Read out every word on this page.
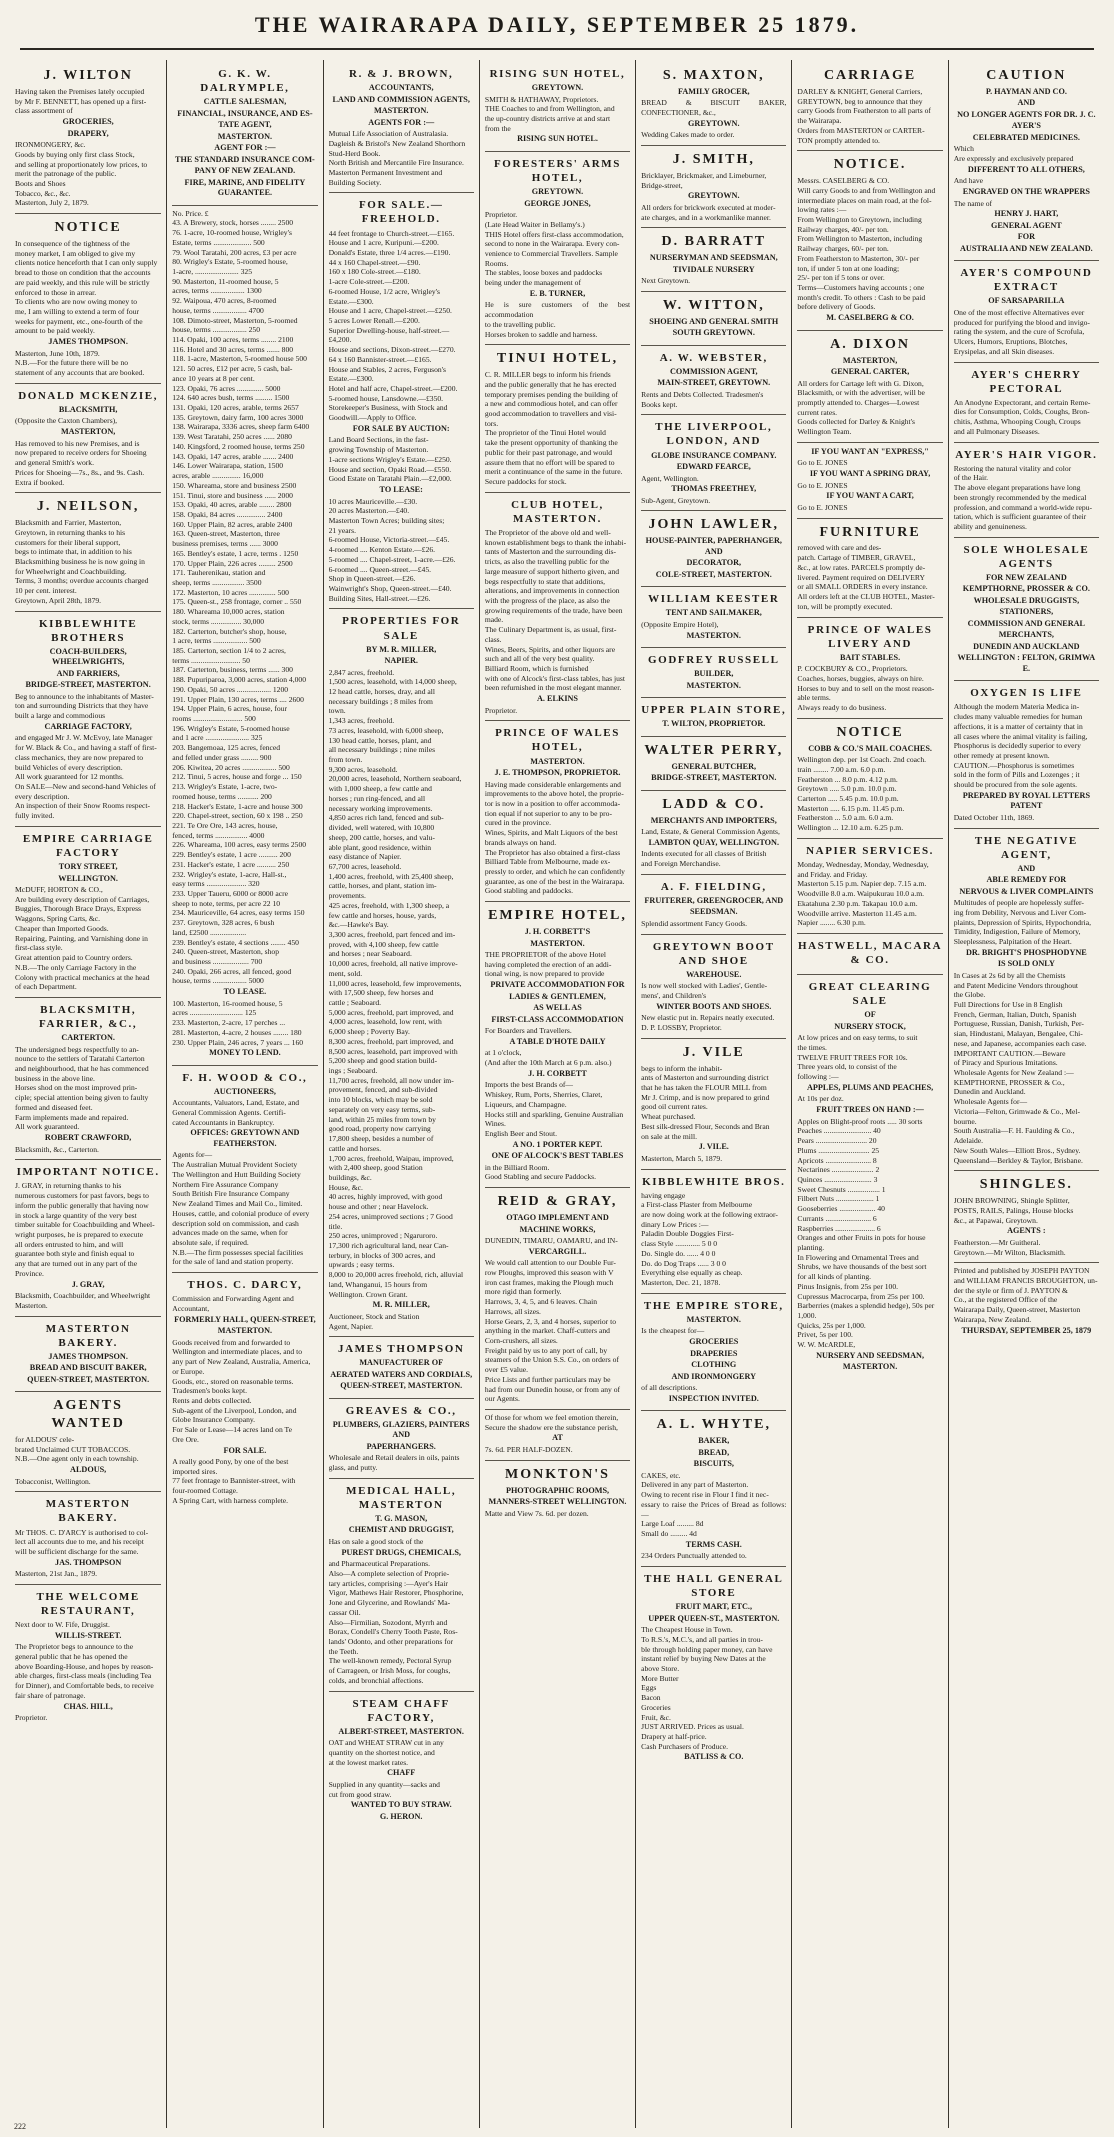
THE WAIRARAPA DAILY, SEPTEMBER 25 1879.
J. WILTON
Having taken the Premises lately occupied
by Mr F. BENNETT, has opened up a first-
class assortment of
GROCERIES,
DRAPERY,
IRONMONGERY, &c.
Goods by buying only first class Stock,
and selling at proportionately low prices, to
merit the patronage of the public.
Boots and Shoes
Tobacco, &c., &c.
Masterton, July 2, 1879.
NOTICE
In consequence of the tightness of the
money market, I am obliged to give my
clients notice henceforth that I can only supply
bread to those on condition that the accounts
are paid weekly, and this rule will be strictly
enforced to those in arrear.
To clients who are now owing money to
me, I am willing to extend a term of four
weeks for payment, etc., one-fourth of the
amount to be paid weekly.
JAMES THOMPSON.
Masterton, June 10th, 1879.
N.B.—For the future there will be no
statement of any accounts that are booked.
DONALD MCKENZIE,
BLACKSMITH,
(Opposite the Caxton Chambers),
MASTERTON,
Has removed to his new Premises, and is
now prepared to receive orders for Shoeing
and general Smith's work.
Prices for Shoeing—7s., 8s., and 9s. Cash.
Extra if booked.
J. NEILSON,
Blacksmith and Farrier, Masterton,
Greytown, in returning thanks to his
customers for their liberal support,
begs to intimate that, in addition to his
Blacksmithing business he is now going in
for Wheelwright and Coachbuilding.
Terms, 3 months; overdue accounts charged
10 per cent. interest.
Greytown, April 28th, 1879.
KIBBLEWHITE BROTHERS
COACH-BUILDERS, WHEELWRIGHTS,
AND FARRIERS,
BRIDGE-STREET, MASTERTON.
Beg to announce to the inhabitants of Master-
ton and surrounding Districts that they have
built a large and commodious
CARRIAGE FACTORY,
and engaged Mr J. W. McEvoy, late Manager
for W. Black & Co., and having a staff of first-
class mechanics, they are now prepared to
build Vehicles of every description.
All work guaranteed for 12 months.
On SALE—New and second-hand Vehicles of
every description.
An inspection of their Snow Rooms respect-
fully invited.
EMPIRE CARRIAGE FACTORY
TORY STREET,
WELLINGTON.
McDUFF, HORTON & CO.,
Are building every description of Carriages,
Buggies, Thorough Brace Drays, Express
Waggons, Spring Carts, &c.
Cheaper than Imported Goods.
Repairing, Painting, and Varnishing done in
first-class style.
Great attention paid to Country orders.
N.B.—The only Carriage Factory in the
Colony with practical mechanics at the head
of each Department.
BLACKSMITH, FARRIER, &C.,
CARTERTON.
The undersigned begs respectfully to an-
nounce to the settlers of Taratahi Carterton
and neighbourhood, that he has commenced
business in the above line.
Horses shod on the most improved prin-
ciple; special attention being given to faulty
formed and diseased feet.
Farm implements made and repaired.
All work guaranteed.
ROBERT CRAWFORD,
Blacksmith, &c., Carterton.
IMPORTANT NOTICE.
J. GRAY, in returning thanks to his
numerous customers for past favors, begs to
inform the public generally that having now
in stock a large quantity of the very best
timber suitable for Coachbuilding and Wheel-
wright purposes, he is prepared to execute
all orders entrusted to him, and will
guarantee both style and finish equal to
any that are turned out in any part of the
Province.
J. GRAY,
Blacksmith, Coachbuilder, and Wheelwright
Masterton.
MASTERTON BAKERY.
JAMES THOMPSON.
BREAD AND BISCUIT BAKER,
QUEEN-STREET, MASTERTON.
AGENTS WANTED
for ALDOUS' cele-
brated Unclaimed CUT TOBACCOS.
N.B.—One agent only in each township.
ALDOUS,
Tobacconist, Wellington.
MASTERTON BAKERY.
Mr THOS. C. D'ARCY is authorised to col-
lect all accounts due to me, and his receipt
will be sufficient discharge for the same.
JAS. THOMPSON
Masterton, 21st Jan., 1879.
THE WELCOME RESTAURANT,
Next door to W. Fife, Druggist.
WILLIS-STREET.
The Proprietor begs to announce to the
general public that he has opened the
above Boarding-House, and hopes by reason-
able charges, first-class meals (including Tea
for Dinner), and Comfortable beds, to receive
fair share of patronage.
CHAS. HILL,
Proprietor.
G. K. W. DALRYMPLE,
CATTLE SALESMAN,
FINANCIAL, INSURANCE, AND ES-
TATE AGENT,
MASTERTON.
AGENT FOR :—
THE STANDARD INSURANCE COM-
PANY OF NEW ZEALAND.
FIRE, MARINE, AND FIDELITY GUARANTEE.
No. Price. £
43. A Brewery, stock, horses ........ 2500
76. 1-acre, 10-roomed house, Wrigley's
Estate, terms .................... 500
79. Wool Taratahi, 200 acres, £3 per acre
80. Wrigley's Estate, 5-roomed house,
1-acre, ....................... 325
90. Masterton, 11-roomed house, 5
acres, terms .................. 1300
92. Waipoua, 470 acres, 8-roomed
house, terms .................. 4700
108. Dimoto-street, Masterton, 5-roomed
house, terms .................. 250
114. Opaki, 100 acres, terms ........ 2100
116. Hotel and 30 acres, terms ....... 800
118. 1-acre, Masterton, 5-roomed house 500
121. 50 acres, £12 per acre, 5 cash, bal-
ance 10 years at 8 per cent.
123. Opaki, 76 acres .............. 5000
124. 640 acres bush, terms ......... 1500
131. Opaki, 120 acres, arable, terms 2657
135. Greytown, dairy farm, 100 acres 3000
138. Wairarapa, 3336 acres, sheep farm 6400
139. West Taratahi, 250 acres ...... 2080
140. Kingsford, 2 roomed house, terms 250
143. Opaki, 147 acres, arable ....... 2400
146. Lower Wairarapa, station, 1500
acres, arable ............... 16,000
150. Whareama, store and business 2500
151. Tinui, store and business ...... 2000
153. Opaki, 40 acres, arable ........ 2800
158. Opaki, 84 acres ............... 2400
160. Upper Plain, 82 acres, arable 2400
163. Queen-street, Masterton, three
business premises, terms ...... 3000
165. Bentley's estate, 1 acre, terms . 1250
170. Upper Plain, 226 acres ......... 2500
171. Tauherenikau, station and
sheep, terms ................. 3500
172. Masterton, 10 acres .............. 500
175. Queen-st., 258 frontage, corner .. 550
180. Whareama 10,000 acres, station
stock, terms ................ 30,000
182. Carterton, butcher's shop, house,
1 acre, terms .................. 500
185. Carterton, section 1/4 to 2 acres,
terms .......................... 50
187. Carterton, business, terms ...... 300
188. Pupuriparoa, 3,000 acres, station 4,000
190. Opaki, 50 acres .................. 1200
191. Upper Plain, 130 acres, terms .... 2600
194. Upper Plain, 6 acres, house, four
rooms .......................... 500
196. Wrigley's Estate, 5-roomed house
and 1 acre ....................... 325
203. Bangemoaa, 125 acres, fenced
and felled under grass ......... 900
206. Kiwitea, 20 acres .................. 500
212. Tinui, 5 acres, house and forge ... 150
213. Wrigley's Estate, 1-acre, two-
roomed house, terms ........... 200
218. Hacker's Estate, 1-acre and house 300
220. Chapel-street, section, 60 x 198 .. 250
221. Te Ore Ore, 143 acres, house,
fenced, terms ................. 4000
226. Whareama, 100 acres, easy terms 2500
229. Bentley's estate, 1 acre .......... 200
231. Hacker's estate, 1 acre .......... 250
232. Wrigley's estate, 1-acre, Hall-st.,
easy terms ..................... 320
233. Upper Taueru, 6000 or 8000 acre
sheep to note, terms, per acre 22 10
234. Mauriceville, 64 acres, easy terms 150
237. Greytown, 328 acres, 6 bush
land, £2500 ...................
239. Bentley's estate, 4 sections ........ 450
240. Queen-street, Masterton, shop
and business ................... 700
240. Opaki, 266 acres, all fenced, good
house, terms .................. 5000
TO LEASE.
100. Masterton, 16-roomed house, 5
acres ............................ 125
233. Masterton, 2-acre, 17 perches ...
281. Masterton, 4-acre, 2 houses ........ 180
230. Upper Plain, 246 acres, 7 years ... 160
MONEY TO LEND.
F. H. WOOD & CO.,
AUCTIONEERS,
Accountants, Valuators, Land, Estate, and
General Commission Agents. Certifi-
cated Accountants in Bankruptcy.
OFFICES: GREYTOWN AND FEATHERSTON.
Agents for—
The Australian Mutual Provident Society
The Wellington and Hutt Building Society
Northern Fire Assurance Company
South British Fire Insurance Company
New Zealand Times and Mail Co., limited.
Houses, cattle, and colonial produce of every
description sold on commission, and cash
advances made on the same, when for
absolute sale, if required.
N.B.—The firm possesses special facilities
for the sale of land and station property.
THOS. C. DARCY,
Commission and Forwarding Agent and
Accountant,
FORMERLY HALL, QUEEN-STREET,
MASTERTON.
Goods received from and forwarded to
Wellington and intermediate places, and to
any part of New Zealand, Australia, America,
or Europe.
Goods, etc., stored on reasonable terms.
Tradesmen's books kept.
Rents and debts collected.
Sub-agent of the Liverpool, London, and
Globe Insurance Company.
For Sale or Lease—14 acres land on Te
Ore Ore.
FOR SALE.
A really good Pony, by one of the best
imported sires.
77 feet frontage to Bannister-street, with
four-roomed Cottage.
A Spring Cart, with harness complete.
R. & J. BROWN,
ACCOUNTANTS,
LAND AND COMMISSION AGENTS,
MASTERTON.
AGENTS FOR :—
Mutual Life Association of Australasia.
Dagleish & Bristol's New Zealand Shorthorn
Stud-Herd Book.
North British and Mercantile Fire Insurance.
Masterton Permanent Investment and
Building Society.
FOR SALE.—FREEHOLD.
44 feet frontage to Church-street.—£165.
House and 1 acre, Kuripuni.—£200.
Donald's Estate, three 1/4 acres.—£190.
44 x 160 Chapel-street.—£90.
160 x 180 Cole-street.—£180.
1-acre Cole-street.—£200.
6-roomed House, 1/2 acre, Wrigley's
Estate.—£300.
House and 1 acre, Chapel-street.—£250.
5 acres Lower Renall.—£200.
Superior Dwelling-house, half-street.—
£4,200.
House and sections, Dixon-street.—£270.
64 x 160 Bannister-street.—£165.
House and Stables, 2 acres, Ferguson's
Estate.—£300.
Hotel and half acre, Chapel-street.—£200.
5-roomed house, Lansdowne.—£350.
Storekeeper's Business, with Stock and
Goodwill.—Apply to Office.
FOR SALE BY AUCTION:
Land Board Sections, in the fast-
growing Township of Masterton.
1-acre sections Wrigley's Estate.—£250.
House and section, Opaki Road.—£550.
Good Estate on Taratahi Plain.—£2,000.
TO LEASE:
10 acres Mauriceville.—£30.
20 acres Masterton.—£40.
Masterton Town Acres; building sites;
21 years.
6-roomed House, Victoria-street.—£45.
4-roomed .... Kenton Estate.—£26.
5-roomed .... Chapel-street, 1-acre.—£26.
6-roomed .... Queen-street.—£45.
Shop in Queen-street.—£26.
Wainwright's Shop, Queen-street.—£40.
Building Sites, Hall-street.—£26.
PROPERTIES FOR SALE
BY M. R. MILLER,
NAPIER.
2,847 acres, freehold.
1,500 acres, leasehold, with 14,000 sheep,
12 head cattle, horses, dray, and all
necessary buildings ; 8 miles from
town.
1,343 acres, freehold.
73 acres, leasehold, with 6,000 sheep,
130 head cattle, horses, plant, and
all necessary buildings ; nine miles
from town.
9,300 acres, leasehold.
20,000 acres, leasehold, Northern seaboard,
with 1,000 sheep, a few cattle and
horses ; run ring-fenced, and all
necessary working improvements.
4,850 acres rich land, fenced and sub-
divided, well watered, with 10,800
sheep, 200 cattle, horses, and valu-
able plant, good residence, within
easy distance of Napier.
67,700 acres, leasehold.
1,400 acres, freehold, with 25,400 sheep,
cattle, horses, and plant, station im-
provements.
425 acres, freehold, with 1,300 sheep, a
few cattle and horses, house, yards,
&c.—Hawke's Bay.
3,300 acres, freehold, part fenced and im-
proved, with 4,100 sheep, few cattle
and horses ; near Seaboard.
10,000 acres, freehold, all native improve-
ment, sold.
11,000 acres, leasehold, few improvements,
with 17,500 sheep, few horses and
cattle ; Seaboard.
5,000 acres, freehold, part improved, and
4,000 acres, leasehold, low rent, with
6,000 sheep ; Poverty Bay.
8,300 acres, freehold, part improved, and
8,500 acres, leasehold, part improved with
5,200 sheep and good station build-
ings ; Seaboard.
11,700 acres, freehold, all now under im-
provement, fenced, and sub-divided
into 10 blocks, which may be sold
separately on very easy terms, sub-
land, within 25 miles from town by
good road, property now carrying
17,800 sheep, besides a number of
cattle and horses.
1,700 acres, freehold, Waipau, improved,
with 2,400 sheep, good Station
buildings, &c.
House, &c.
40 acres, highly improved, with good
house and other ; near Havelock.
254 acres, unimproved sections ; 7 Good
title.
250 acres, unimproved ; Ngaruroro.
17,300 rich agricultural land, near Can-
terbury, in blocks of 300 acres, and
upwards ; easy terms.
8,000 to 20,000 acres freehold, rich, alluvial
land, Whanganui, 15 hours from
Wellington. Crown Grant.
M. R. MILLER,
Auctioneer, Stock and Station
Agent, Napier.
JAMES THOMPSON
MANUFACTURER OF
AERATED WATERS AND CORDIALS,
QUEEN-STREET, MASTERTON.
GREAVES & CO.,
PLUMBERS, GLAZIERS, PAINTERS AND
PAPERHANGERS.
Wholesale and Retail dealers in oils, paints
glass, and putty.
MEDICAL HALL, MASTERTON
T. G. MASON,
CHEMIST AND DRUGGIST,
Has on sale a good stock of the
PUREST DRUGS, CHEMICALS,
and Pharmaceutical Preparations.
Also—A complete selection of Proprie-
tary articles, comprising :—Ayer's Hair
Vigor, Mathews Hair Restorer, Phosphorine,
Jone and Glycerine, and Rowlands' Ma-
cassar Oil.
Also—Firmilian, Sozodont, Myrrh and
Borax, Condell's Cherry Tooth Paste, Ros-
lands' Odonto, and other preparations for
the Teeth.
The well-known remedy, Pectoral Syrup
of Carrageen, or Irish Moss, for coughs,
colds, and bronchial affections.
STEAM CHAFF FACTORY,
ALBERT-STREET, MASTERTON.
OAT and WHEAT STRAW cut in any
quantity on the shortest notice, and
at the lowest market rates.
CHAFF
Supplied in any quantity—sacks and
cut from good straw.
WANTED TO BUY STRAW.
G. HERON.
RISING SUN HOTEL,
GREYTOWN.
SMITH & HATHAWAY, Proprietors.
THE Coaches to and from Wellington, and
the up-country districts arrive at and start
from the
RISING SUN HOTEL.
FORESTERS' ARMS HOTEL,
GREYTOWN.
GEORGE JONES,
Proprietor.
(Late Head Waiter in Bellamy's.)
THIS Hotel offers first-class accommodation,
second to none in the Wairarapa. Every con-
venience to Commercial Travellers. Sample
Rooms.
The stables, loose boxes and paddocks
being under the management of
E. B. TURNER,
He is sure customers of the best accommodation
to the travelling public.
Horses broken to saddle and harness.
TINUI HOTEL,
C. R. MILLER begs to inform his friends
and the public generally that he has erected
temporary premises pending the building of
a new and commodious hotel, and can offer
good accommodation to travellers and visi-
tors.
The proprietor of the Tinui Hotel would
take the present opportunity of thanking the
public for their past patronage, and would
assure them that no effort will be spared to
merit a continuance of the same in the future.
Secure paddocks for stock.
CLUB HOTEL, MASTERTON.
The Proprietor of the above old and well-
known establishment begs to thank the inhabi-
tants of Masterton and the surrounding dis-
tricts, as also the travelling public for the
large measure of support hitherto given, and
begs respectfully to state that additions,
alterations, and improvements in connection
with the progress of the place, as also the
growing requirements of the trade, have been
made.
The Culinary Department is, as usual, first-
class.
Wines, Beers, Spirits, and other liquors are
such and all of the very best quality.
Billiard Room, which is furnished
with one of Alcock's first-class tables, has just
been refurnished in the most elegant manner.
A. ELKINS
Proprietor.
PRINCE OF WALES HOTEL,
MASTERTON.
J. E. THOMPSON, PROPRIETOR.
Having made considerable enlargements and
improvements to the above hotel, the proprie-
tor is now in a position to offer accommoda-
tion equal if not superior to any to be pro-
cured in the province.
Wines, Spirits, and Malt Liquors of the best
brands always on hand.
The Proprietor has also obtained a first-class
Billiard Table from Melbourne, made ex-
pressly to order, and which he can confidently
guarantee, as one of the best in the Wairarapa.
Good stabling and paddocks.
EMPIRE HOTEL,
J. H. CORBETT'S
MASTERTON.
THE PROPRIETOR of the above Hotel
having completed the erection of an addi-
tional wing, is now prepared to provide
PRIVATE ACCOMMODATION FOR
LADIES & GENTLEMEN,
AS WELL AS
FIRST-CLASS ACCOMMODATION
For Boarders and Travellers.
A TABLE D'HOTE DAILY
at 1 o'clock,
(And after the 10th March at 6 p.m. also.)
J. H. CORBETT
Imports the best Brands of—
Whiskey, Rum, Ports, Sherries, Claret,
Liqueurs, and Champagne.
Hocks still and sparkling, Genuine Australian
Wines.
English Beer and Stout.
A NO. 1 PORTER KEPT.
ONE OF ALCOCK'S BEST TABLES
in the Billiard Room.
Good Stabling and secure Paddocks.
REID & GRAY,
OTAGO IMPLEMENT AND
MACHINE WORKS,
DUNEDIN, TIMARU, OAMARU, and IN-
VERCARGILL.
We would call attention to our Double Fur-
row Ploughs, improved this season with V
iron cast frames, making the Plough much
more rigid than formerly.
Harrows, 3, 4, 5, and 6 leaves. Chain
Harrows, all sizes.
Horse Gears, 2, 3, and 4 horses, superior to
anything in the market. Chaff-cutters and
Corn-crushers, all sizes.
Freight paid by us to any port of call, by
steamers of the Union S.S. Co., on orders of
over £5 value.
Price Lists and further particulars may be
had from our Dunedin house, or from any of
our Agents.
Of those for whom we feel emotion therein,
Secure the shadow ere the substance perish,
AT
7s. 6d. PER HALF-DOZEN.
MONKTON'S
PHOTOGRAPHIC ROOMS,
MANNERS-STREET WELLINGTON.
Matte and View 7s. 6d. per dozen.
S. MAXTON,
FAMILY GROCER,
BREAD & BISCUIT BAKER, CONFECTIONER, &c.,
GREYTOWN.
Wedding Cakes made to order.
J. SMITH,
Bricklayer, Brickmaker, and Limeburner,
Bridge-street,
GREYTOWN.
All orders for brickwork executed at moder-
ate charges, and in a workmanlike manner.
D. BARRATT
NURSERYMAN AND SEEDSMAN,
TIVIDALE NURSERY
Next Greytown.
W. WITTON,
SHOEING AND GENERAL SMITH
SOUTH GREYTOWN.
A. W. WEBSTER,
COMMISSION AGENT,
MAIN-STREET, GREYTOWN.
Rents and Debts Collected. Tradesmen's
Books kept.
THE LIVERPOOL, LONDON, AND
GLOBE INSURANCE COMPANY.
EDWARD FEARCE,
Agent, Wellington.
THOMAS FREETHEY,
Sub-Agent, Greytown.
JOHN LAWLER,
HOUSE-PAINTER, PAPERHANGER, AND
DECORATOR,
COLE-STREET, MASTERTON.
WILLIAM KEESTER
TENT AND SAILMAKER,
(Opposite Empire Hotel),
MASTERTON.
GODFREY RUSSELL
BUILDER,
MASTERTON.
UPPER PLAIN STORE,
T. WILTON, PROPRIETOR.
WALTER PERRY,
GENERAL BUTCHER,
BRIDGE-STREET, MASTERTON.
LADD & CO.
MERCHANTS AND IMPORTERS,
Land, Estate, & General Commission Agents,
LAMBTON QUAY, WELLINGTON.
Indents executed for all classes of British
and Foreign Merchandise.
A. F. FIELDING,
FRUITERER, GREENGROCER, AND
SEEDSMAN.
Splendid assortment Fancy Goods.
GREYTOWN BOOT AND SHOE
WAREHOUSE.
Is now well stocked with Ladies', Gentle-
mens', and Children's
WINTER BOOTS AND SHOES.
New elastic put in. Repairs neatly executed.
D. P. LOSSBY, Proprietor.
J. VILE
begs to inform the inhabit-
ants of Masterton and surrounding district
that he has taken the FLOUR MILL from
Mr J. Crimp, and is now prepared to grind
good oil current rates.
Wheat purchased.
Best silk-dressed Flour, Seconds and Bran
on sale at the mill.
J. VILE.
Masterton, March 5, 1879.
KIBBLEWHITE BROS.
having engage
a First-class Plaster from Melbourne
are now doing work at the following extraor-
dinary Low Prices :—
Paladin Double Doggies First-
class Style ............. 5 0 0
Do. Single do. ...... 4 0 0
Do. do Dog Traps ...... 3 0 0
Everything else equally as cheap.
Masterton, Dec. 21, 1878.
THE EMPIRE STORE,
MASTERTON.
Is the cheapest for—
GROCERIES
DRAPERIES
CLOTHING
AND IRONMONGERY
of all descriptions.
INSPECTION INVITED.
A. L. WHYTE,
BAKER,
BREAD,
BISCUITS,
CAKES, etc.
Delivered in any part of Masterton.
Owing to recent rise in Flour I find it nec-
essary to raise the Prices of Bread as follows:—
Large Loaf ......... 8d
Small do ......... 4d
TERMS CASH.
234 Orders Punctually attended to.
THE HALL GENERAL STORE
FRUIT MART, ETC.,
UPPER QUEEN-ST., MASTERTON.
The Cheapest House in Town.
To R.S.'s, M.C.'s, and all parties in trou-
ble through holding paper money, can have
instant relief by buying New Dates at the
above Store.
More Butter
Eggs
Bacon
Groceries
Fruit, &c.
JUST ARRIVED. Prices as usual.
Drapery at half-price.
Cash Purchasers of Produce.
BATLISS & CO.
CARRIAGE
DARLEY & KNIGHT, General Carriers,
GREYTOWN, beg to announce that they
carry Goods from Featherston to all parts of
the Wairarapa.
Orders from MASTERTON or CARTER-
TON promptly attended to.
NOTICE.
Messrs. CASELBERG & CO.
Will carry Goods to and from Wellington and
intermediate places on main road, at the fol-
lowing rates :—
From Wellington to Greytown, including
Railway charges, 40/- per ton.
From Wellington to Masterton, including
Railway charges, 60/- per ton.
From Featherston to Masterton, 30/- per
ton, if under 5 ton at one loading;
25/- per ton if 5 tons or over.
Terms—Customers having accounts ; one
month's credit. To others : Cash to be paid
before delivery of Goods.
M. CASELBERG & CO.
A. DIXON
MASTERTON,
GENERAL CARTER,
All orders for Cartage left with G. Dixon,
Blacksmith, or with the advertiser, will be
promptly attended to. Charges—Lowest
current rates.
Goods collected for Darley & Knight's
Wellington Team.
IF YOU WANT AN "EXPRESS,"
Go to E. JONES
IF YOU WANT A SPRING DRAY,
Go to E. JONES
IF YOU WANT A CART,
Go to E. JONES
FURNITURE
removed with care and des-
patch. Cartage of TIMBER, GRAVEL,
&c., at low rates. PARCELS promptly de-
livered. Payment required on DELIVERY
or all SMALL ORDERS in every instance.
All orders left at the CLUB HOTEL, Master-
ton, will be promptly executed.
PRINCE OF WALES LIVERY AND
BAIT STABLES.
P. COCKBURY & CO., Proprietors.
Coaches, horses, buggies, always on hire.
Horses to buy and to sell on the most reason-
able terms.
Always ready to do business.
NOTICE
COBB & CO.'S MAIL COACHES.
Wellington dep. per 1st Coach. 2nd coach.
train ........ 7.00 a.m. 6.0 p.m.
Featherston ... 8.0 p.m. 4.12 p.m.
Greytown ..... 5.0 p.m. 10.0 p.m.
Carterton ..... 5.45 p.m. 10.0 p.m.
Masterton ..... 6.15 p.m. 11.45 p.m.
Featherston ... 5.0 a.m. 6.0 a.m.
Wellington ... 12.10 a.m. 6.25 p.m.
NAPIER SERVICES.
Monday, Wednesday, Monday, Wednesday,
and Friday. and Friday.
Masterton 5.15 p.m. Napier dep. 7.15 a.m.
Woodville 8.0 a.m. Waipukurau 10.0 a.m.
Ekatahuna 2.30 p.m. Takapau 10.0 a.m.
Woodville arrive. Masterton 11.45 a.m.
Napier ........ 6.30 p.m.
HASTWELL, MACARA & CO.
GREAT CLEARING SALE
OF
NURSERY STOCK,
At low prices and on easy terms, to suit
the times.
TWELVE FRUIT TREES FOR 10s.
Three years old, to consist of the
following :—
APPLES, PLUMS AND PEACHES,
At 10s per doz.
FRUIT TREES ON HAND :—
Apples on Blight-proof roots ..... 30 sorts
Peaches ......................... 40
Pears ........................... 20
Plums ........................... 25
Apricots ........................ 8
Nectarines ...................... 2
Quinces ......................... 3
Sweet Chesnuts ................. 1
Filbert Nuts .................... 1
Gooseberries ................... 40
Currants ........................ 6
Raspberries ..................... 6
Oranges and other Fruits in pots for house
planting.
In Flowering and Ornamental Trees and
Shrubs, we have thousands of the best sort
for all kinds of planting.
Pinus Insignis, from 25s per 100.
Cupressus Macrocarpa, from 25s per 100.
Barberries (makes a splendid hedge), 50s per
1,000.
Quicks, 25s per 1,000.
Privet, 5s per 100.
W. W. McARDLE,
NURSERY AND SEEDSMAN,
MASTERTON.
CAUTION
P. HAYMAN AND CO.
AND
NO LONGER AGENTS FOR DR. J. C.
AYER'S
CELEBRATED MEDICINES.
Which
Are expressly and exclusively prepared
DIFFERENT TO ALL OTHERS,
And have
ENGRAVED ON THE WRAPPERS
The name of
HENRY J. HART,
GENERAL AGENT
FOR
AUSTRALIA AND NEW ZEALAND.
AYER'S COMPOUND EXTRACT
OF SARSAPARILLA
One of the most effective Alternatives ever
produced for purifying the blood and invigo-
rating the system, and the cure of Scrofula,
Ulcers, Humors, Eruptions, Blotches,
Erysipelas, and all Skin diseases.
AYER'S CHERRY PECTORAL
An Anodyne Expectorant, and certain Reme-
dies for Consumption, Colds, Coughs, Bron-
chitis, Asthma, Whooping Cough, Croups
and all Pulmonary Diseases.
AYER'S HAIR VIGOR.
Restoring the natural vitality and color
of the Hair.
The above elegant preparations have long
been strongly recommended by the medical
profession, and command a world-wide repu-
tation, which is sufficient guarantee of their
ability and genuineness.
SOLE WHOLESALE AGENTS
FOR NEW ZEALAND
KEMPTHORNE, PROSSER & CO.
WHOLESALE DRUGGISTS,
STATIONERS,
COMMISSION AND GENERAL
MERCHANTS,
DUNEDIN AND AUCKLAND
WELLINGTON : FELTON, GRIMWA E.
OXYGEN IS LIFE
Although the modern Materia Medica in-
cludes many valuable remedies for human
affections, it is a matter of certainty that in
all cases where the animal vitality is failing,
Phosphorus is decidedly superior to every
other remedy at present known.
CAUTION.—Phosphorus is sometimes
sold in the form of Pills and Lozenges ; it
should be procured from the sole agents.
PREPARED BY ROYAL LETTERS PATENT
Dated October 11th, 1869.
THE NEGATIVE AGENT,
AND
ABLE REMEDY FOR
NERVOUS & LIVER COMPLAINTS
Multitudes of people are hopelessly suffer-
ing from Debility, Nervous and Liver Com-
plaints, Depression of Spirits, Hypochondria,
Timidity, Indigestion, Failure of Memory,
Sleeplessness, Palpitation of the Heart.
DR. BRIGHT'S PHOSPHODYNE
IS SOLD ONLY
In Cases at 2s 6d by all the Chemists
and Patent Medicine Vendors throughout
the Globe.
Full Directions for Use in 8 English
French, German, Italian, Dutch, Spanish
Portuguese, Russian, Danish, Turkish, Per-
sian, Hindustani, Malayan, Bengalee, Chi-
nese, and Japanese, accompanies each case.
IMPORTANT CAUTION.—Beware
of Piracy and Spurious Imitations.
Wholesale Agents for New Zealand :—
KEMPTHORNE, PROSSER & Co.,
Dunedin and Auckland.
Wholesale Agents for—
Victoria—Felton, Grimwade & Co., Mel-
bourne.
South Australia—F. H. Faulding & Co.,
Adelaide.
New South Wales—Elliott Bros., Sydney.
Queensland—Berkley & Taylor, Brisbane.
SHINGLES.
JOHN BROWNING, Shingle Splitter,
POSTS, RAILS, Palings, House blocks
&c., at Papawai, Greytown.
AGENTS :
Featherston.—Mr Guitheral.
Greytown.—Mr Wilton, Blacksmith.
Printed and published by JOSEPH PAYTON
and WILLIAM FRANCIS BROUGHTON, un-
der the style or firm of J. PAYTON &
Co., at the registered Office of the
Wairarapa Daily, Queen-street, Masterton
Wairarapa, New Zealand.
THURSDAY, SEPTEMBER 25, 1879
222
